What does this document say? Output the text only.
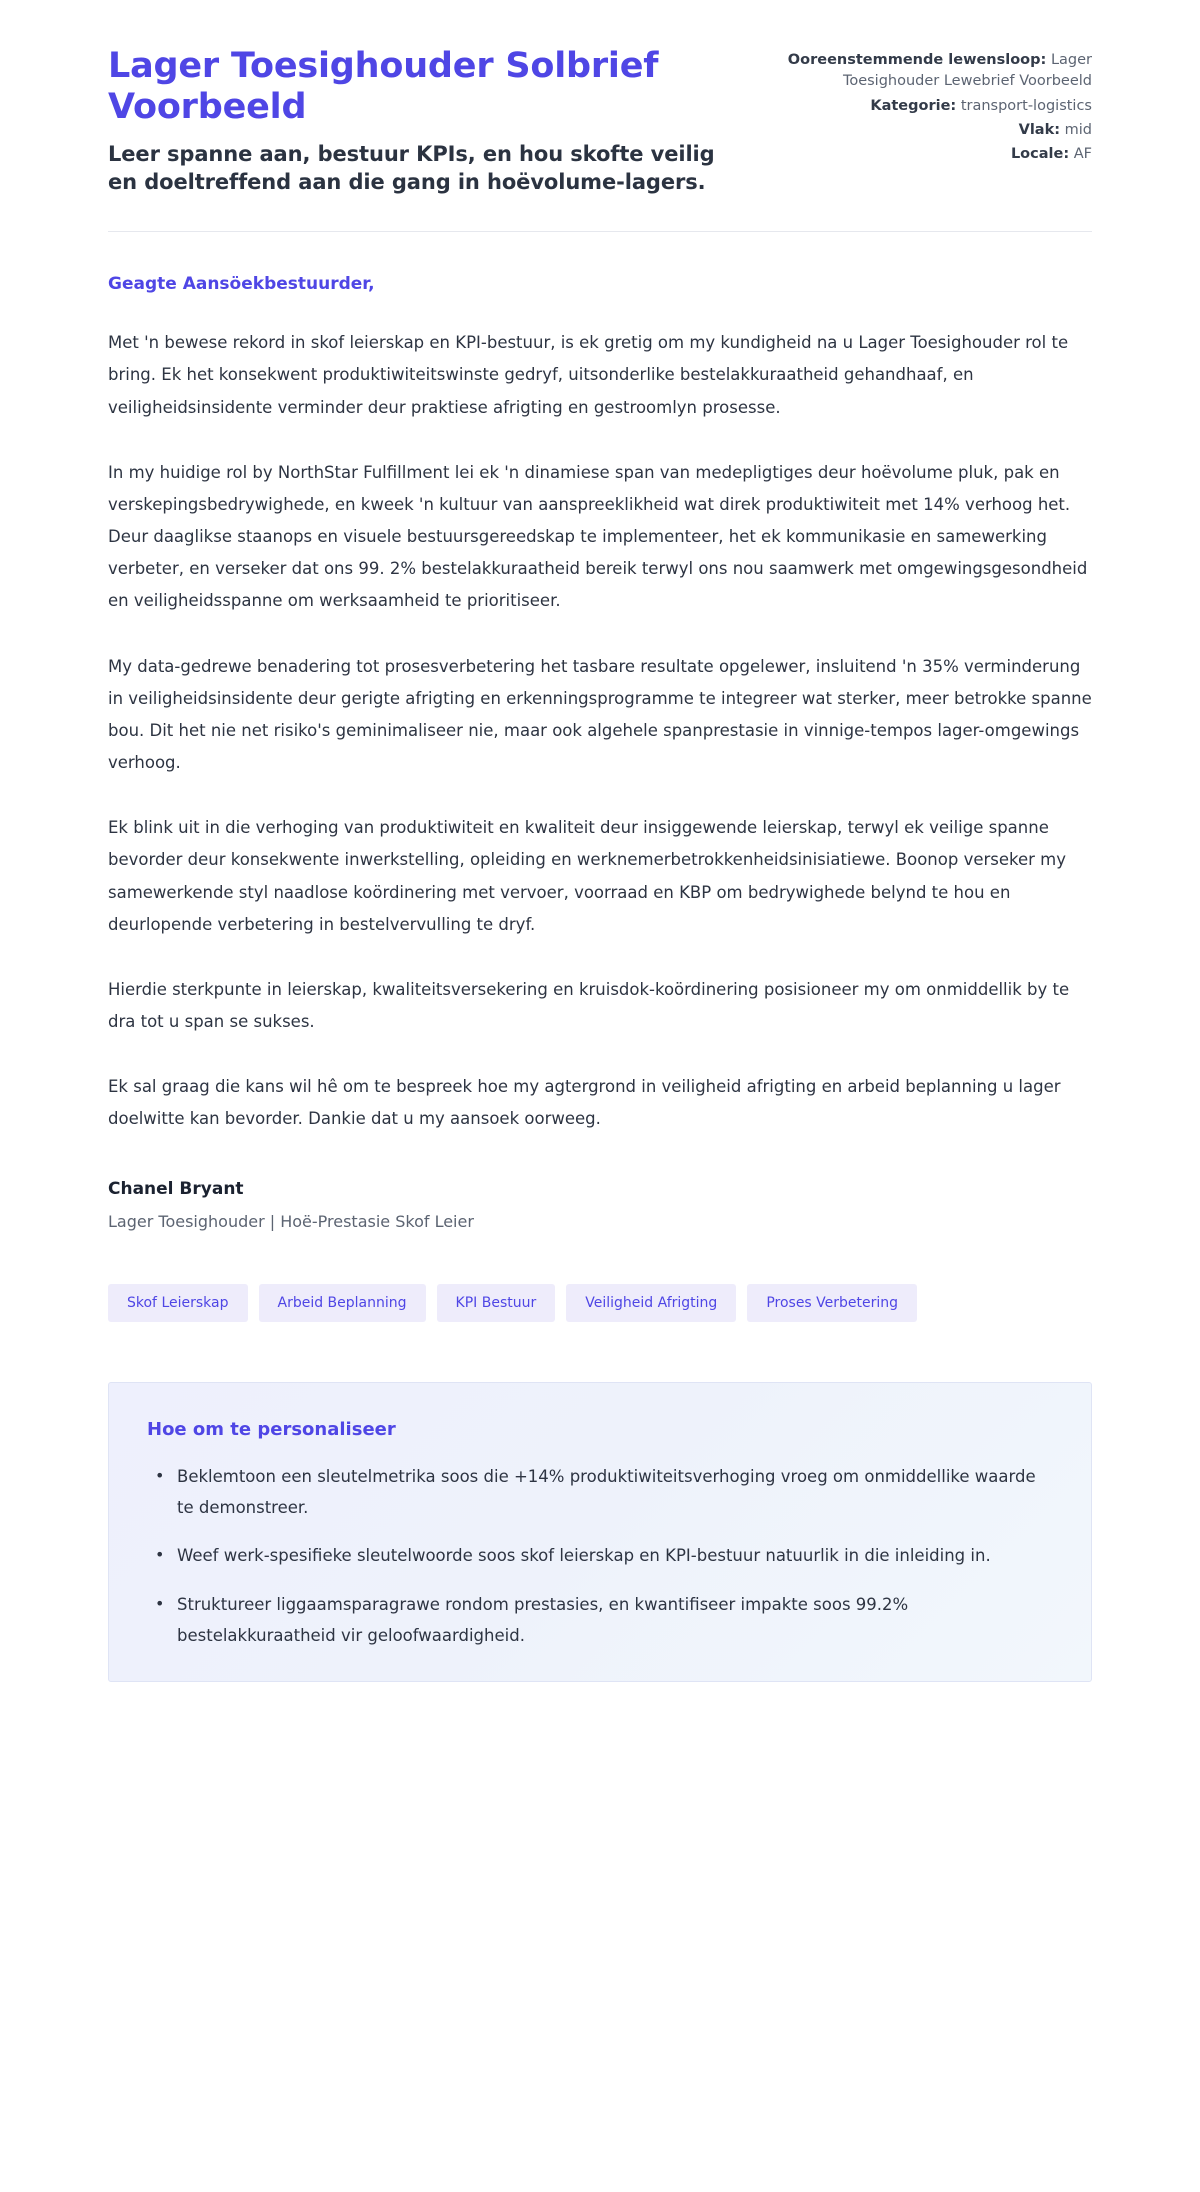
Lager Toesighouder Solbrief Voorbeeld

Leer spanne aan, bestuur KPIs, en hou skofte veilig en doeltreffend aan die gang in hoëvolume-lagers.

Ooreenstemmende lewensloop: Lager Toesighouder Lewebrief Voorbeeld
Kategorie: transport-logistics
Vlak: mid
Locale: AF

Geagte Aansöekbestuurder,

Met 'n bewese rekord in skof leierskap en KPI-bestuur, is ek gretig om my kundigheid na u Lager Toesighouder rol te bring. Ek het konsekwent produktiwiteitswinste gedryf, uitsonderlike bestelakkuraatheid gehandhaaf, en veiligheidsinsidente verminder deur praktiese afrigting en gestroomlyn prosesse.

In my huidige rol by NorthStar Fulfillment lei ek 'n dinamiese span van medepligtiges deur hoëvolume pluk, pak en verskepingsbedrywighede, en kweek 'n kultuur van aanspreeklikheid wat direk produktiwiteit met 14% verhoog het. Deur daaglikse staanops en visuele bestuursgereedskap te implementeer, het ek kommunikasie en samewerking verbeter, en verseker dat ons 99. 2% bestelakkuraatheid bereik terwyl ons nou saamwerk met omgewingsgesondheid en veiligheidsspanne om werksaamheid te prioritiseer.

My data-gedrewe benadering tot prosesverbetering het tasbare resultate opgelewer, insluitend 'n 35% verminderung in veiligheidsinsidente deur gerigte afrigting en erkenningsprogramme te integreer wat sterker, meer betrokke spanne bou. Dit het nie net risiko's geminimaliseer nie, maar ook algehele spanprestasie in vinnige-tempos lager-omgewings verhoog.

Ek blink uit in die verhoging van produktiwiteit en kwaliteit deur insiggewende leierskap, terwyl ek veilige spanne bevorder deur konsekwente inwerkstelling, opleiding en werknemerbetrokkenheidsinisiatiewe. Boonop verseker my samewerkende styl naadlose koördinering met vervoer, voorraad en KBP om bedrywighede belynd te hou en deurlopende verbetering in bestelvervulling te dryf.

Hierdie sterkpunte in leierskap, kwaliteitsversekering en kruisdok-koördinering posisioneer my om onmiddellik by te dra tot u span se sukses.

Ek sal graag die kans wil hê om te bespreek hoe my agtergrond in veiligheid afrigting en arbeid beplanning u lager doelwitte kan bevorder. Dankie dat u my aansoek oorweeg.

Chanel Bryant

Lager Toesighouder | Hoë-Prestasie Skof Leier

Skof Leierskap	Arbeid Beplanning	KPI Bestuur	Veiligheid Afrigting	Proses Verbetering
Hoe om te personaliseer
• Beklemtoon een sleutelmetrika soos die +14% produktiwiteitsverhoging vroeg om onmiddellike waarde te demonstreer.
• Weef werk-spesifieke sleutelwoorde soos skof leierskap en KPI-bestuur natuurlik in die inleiding in.
• Struktureer liggaamsparagrawe rondom prestasies, en kwantifiseer impakte soos 99.2% bestelakkuraatheid vir geloofwaardigheid.
